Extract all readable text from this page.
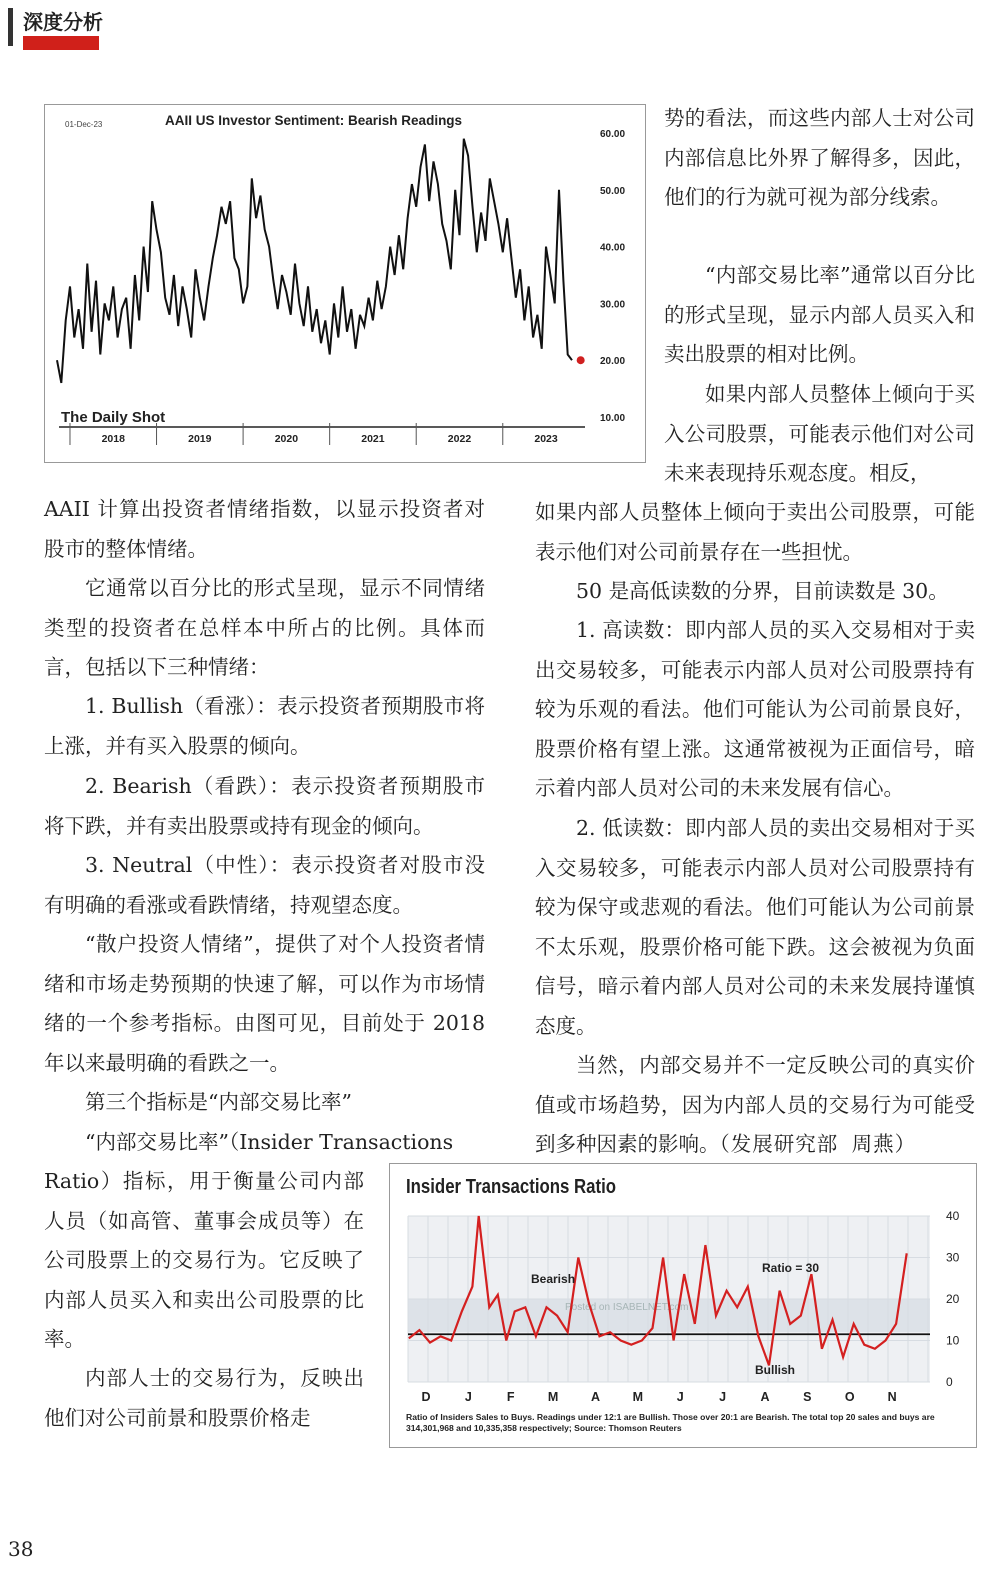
深度分析
01-Dec-23	AAII US Investor Sentiment: Bearish Readings
60.00
50.00
40.00
30.00
20.00
10.00
2018	2019	2020	2021	2022	2023
The Daily Shot

势的看法，而这些内部人士对公司内部信息比外界了解得多，因此，他们的行为就可视为部分线索。

“内部交易比率”通常以百分比的形式呈现，显示内部人员买入和卖出股票的相对比例。

如果内部人员整体上倾向于买入公司股票，可能表示他们对公司未来表现持乐观态度。相反，

AAII 计算出投资者情绪指数，以显示投资者对股市的整体情绪。

它通常以百分比的形式呈现，显示不同情绪类型的投资者在总样本中所占的比例。具体而言，包括以下三种情绪：

1. Bullish（看涨）：表示投资者预期股市将上涨，并有买入股票的倾向。

2. Bearish（看跌）：表示投资者预期股市将下跌，并有卖出股票或持有现金的倾向。

3. Neutral（中性）：表示投资者对股市没有明确的看涨或看跌情绪，持观望态度。

“散户投资人情绪”，提供了对个人投资者情绪和市场走势预期的快速了解，可以作为市场情绪的一个参考指标。由图可见，目前处于 2018 年以来最明确的看跌之一。

第三个指标是“内部交易比率”

“内部交易比率”（Insider Transactions

Ratio）指标，用于衡量公司内部人员（如高管、董事会成员等）在公司股票上的交易行为。它反映了内部人员买入和卖出公司股票的比率。

内部人士的交易行为，反映出他们对公司前景和股票价格走

如果内部人员整体上倾向于卖出公司股票，可能表示他们对公司前景存在一些担忧。

50 是高低读数的分界，目前读数是 30。

1. 高读数：即内部人员的买入交易相对于卖出交易较多，可能表示内部人员对公司股票持有较为乐观的看法。他们可能认为公司前景良好，股票价格有望上涨。这通常被视为正面信号，暗示着内部人员对公司的未来发展有信心。

2. 低读数：即内部人员的卖出交易相对于买入交易较多，可能表示内部人员对公司股票持有较为保守或悲观的看法。他们可能认为公司前景不太乐观，股票价格可能下跌。这会被视为负面信号，暗示着内部人员对公司的未来发展持谨慎态度。

当然，内部交易并不一定反映公司的真实价值或市场趋势，因为内部人员的交易行为可能受到多种因素的影响。（发展研究部 周燕）

Insider Transactions Ratio
40
30
20
10
0
D	J	F	M	A	M	J	J	A	S	O	N
Posted on ISABELNET.com
Bearish
Bullish
Ratio = 30
Ratio of Insiders Sales to Buys. Readings under 12:1 are Bullish. Those over 20:1 are Bearish. The total top 20 sales and buys are 314,301,968 and 10,335,358 respectively; Source: Thomson Reuters
38
